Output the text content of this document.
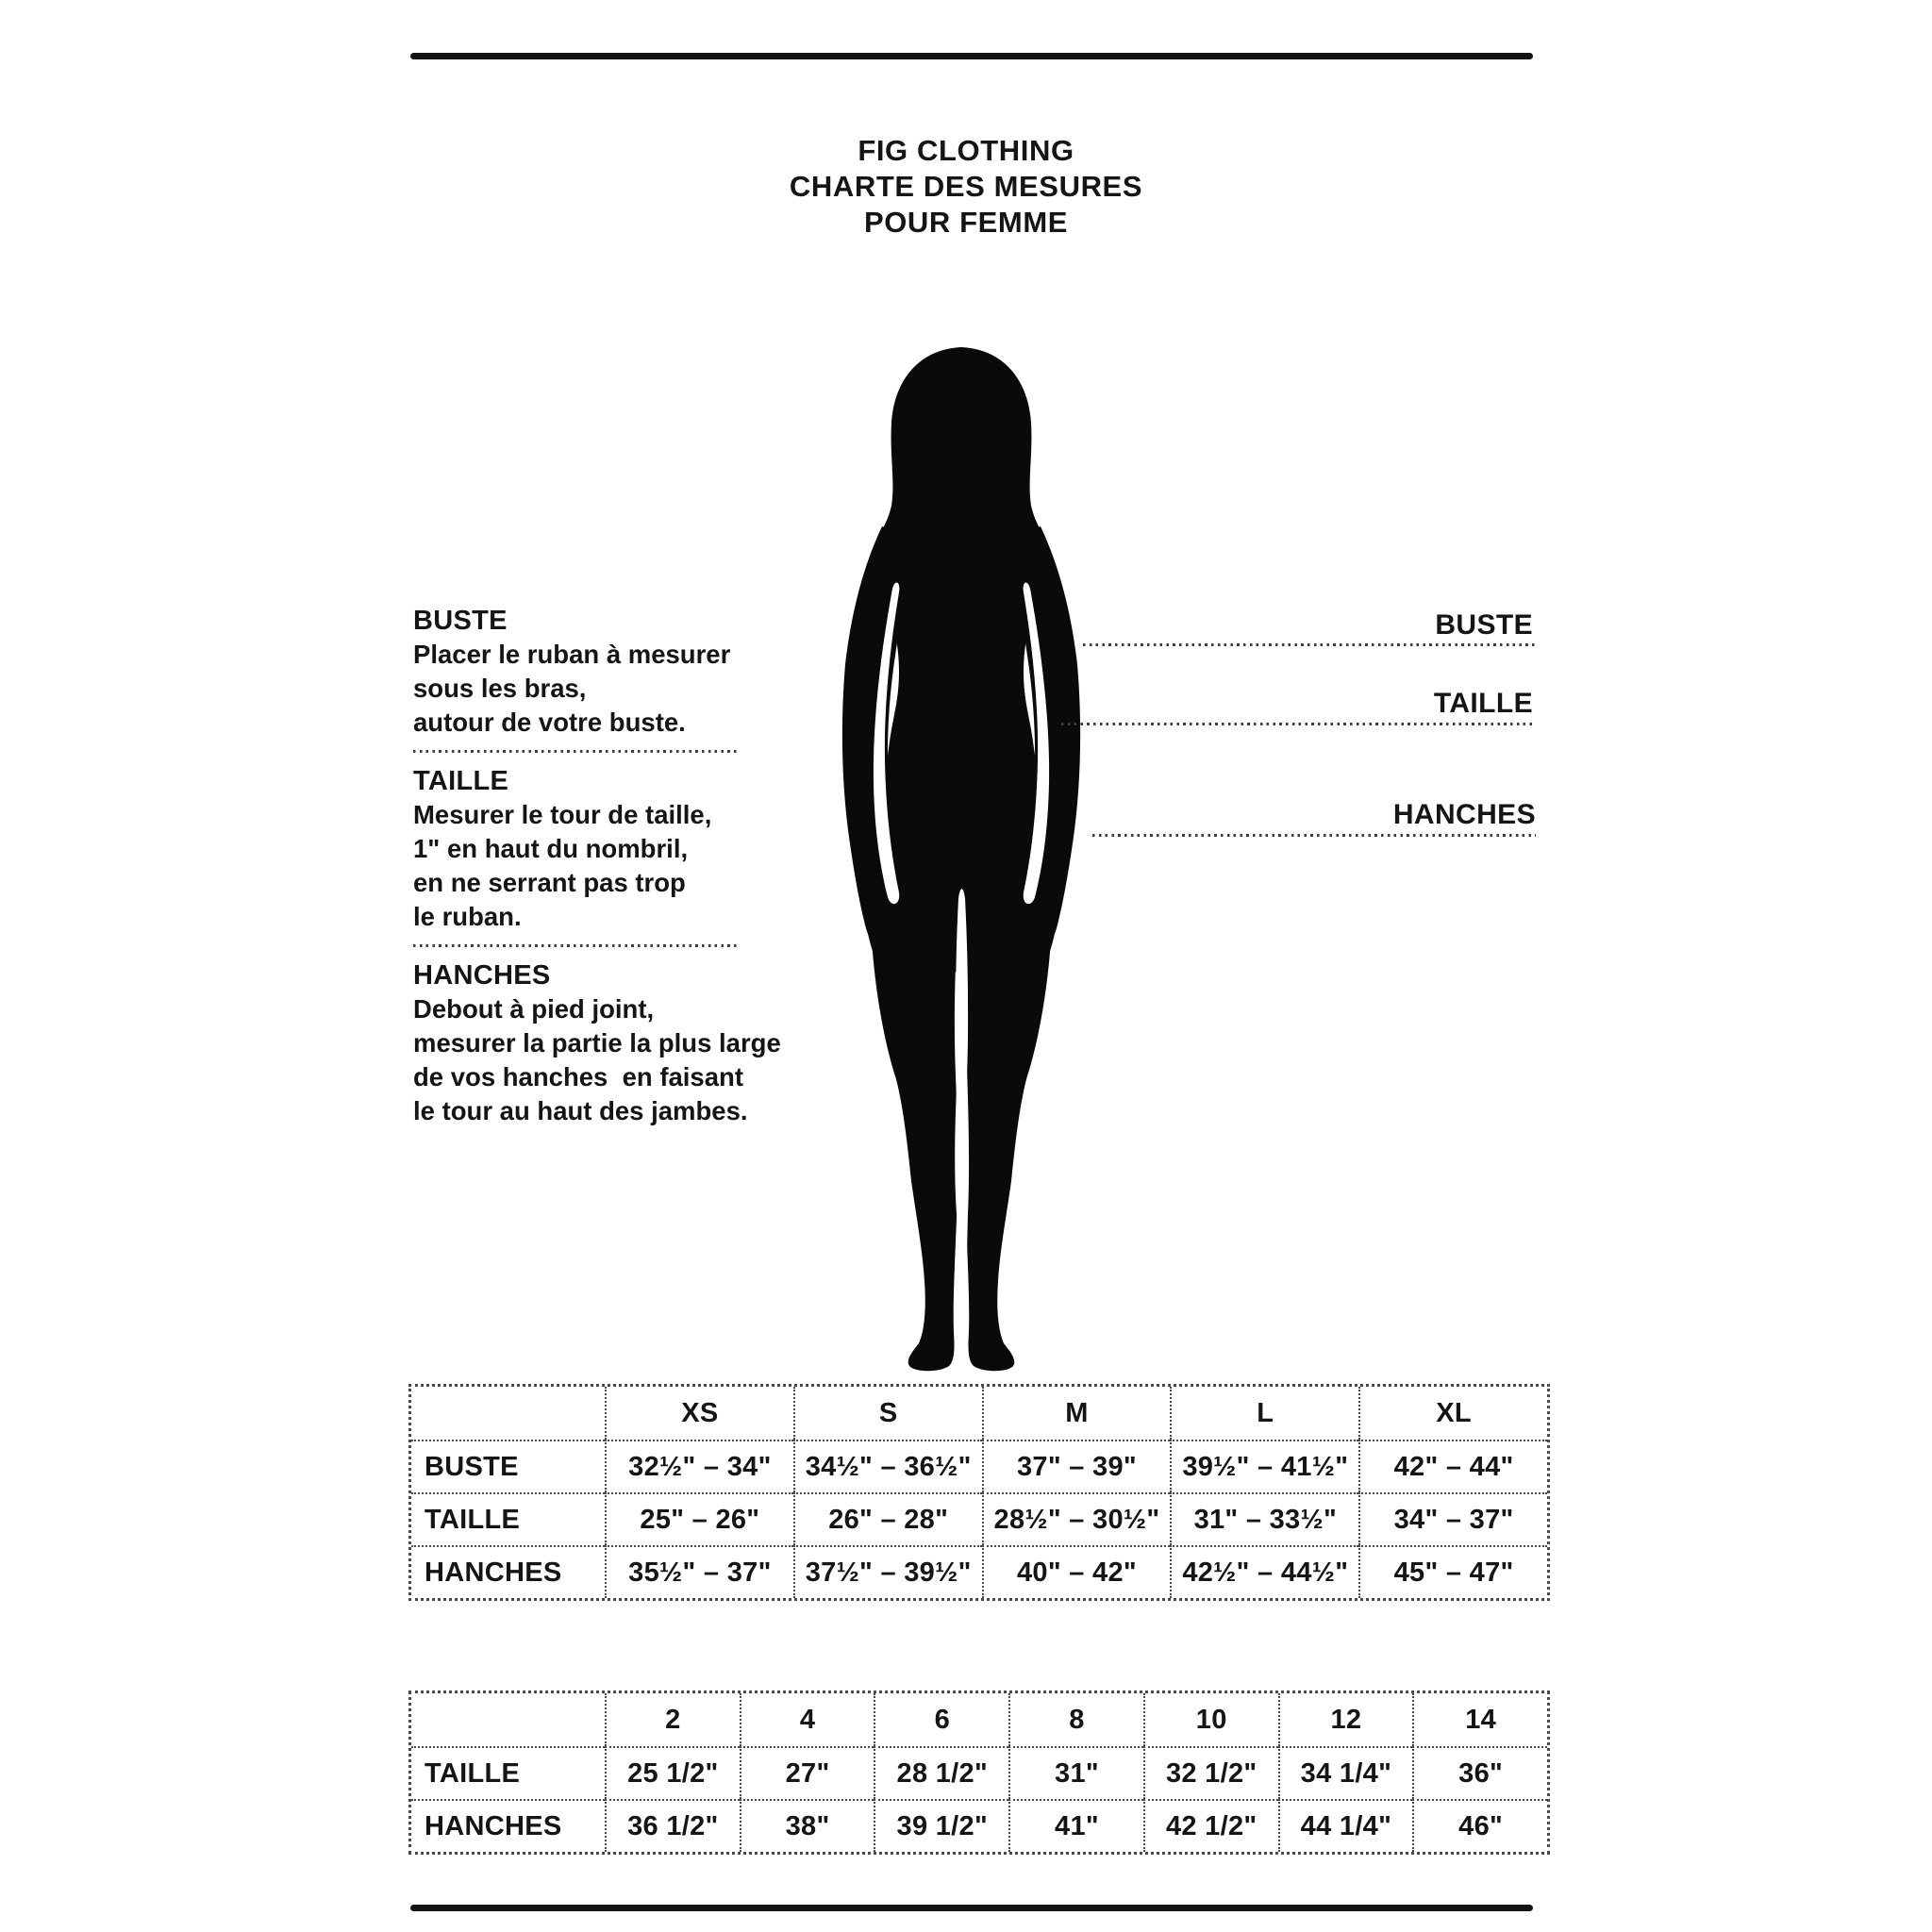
FIG CLOTHING
CHARTE DES MESURES
POUR FEMME
BUSTE
Placer le ruban à mesurer
sous les bras,
autour de votre buste.
TAILLE
Mesurer le tour de taille,
1" en haut du nombril,
en ne serrant pas trop
le ruban.
HANCHES
Debout à pied joint,
mesurer la partie la plus large
de vos hanches  en faisant
le tour au haut des jambes.
BUSTE
TAILLE
HANCHES
XS	S	M	L	XL
BUSTE	32½" – 34"	34½" – 36½"	37" – 39"	39½" – 41½"	42" – 44"
TAILLE	25" – 26"	26" – 28"	28½" – 30½"	31" – 33½"	34" – 37"
HANCHES	35½" – 37"	37½" – 39½"	40" – 42"	42½" – 44½"	45" – 47"
2	4	6	8	10	12	14
TAILLE	25 1/2"	27"	28 1/2"	31"	32 1/2"	34 1/4"	36"
HANCHES	36 1/2"	38"	39 1/2"	41"	42 1/2"	44 1/4"	46"
